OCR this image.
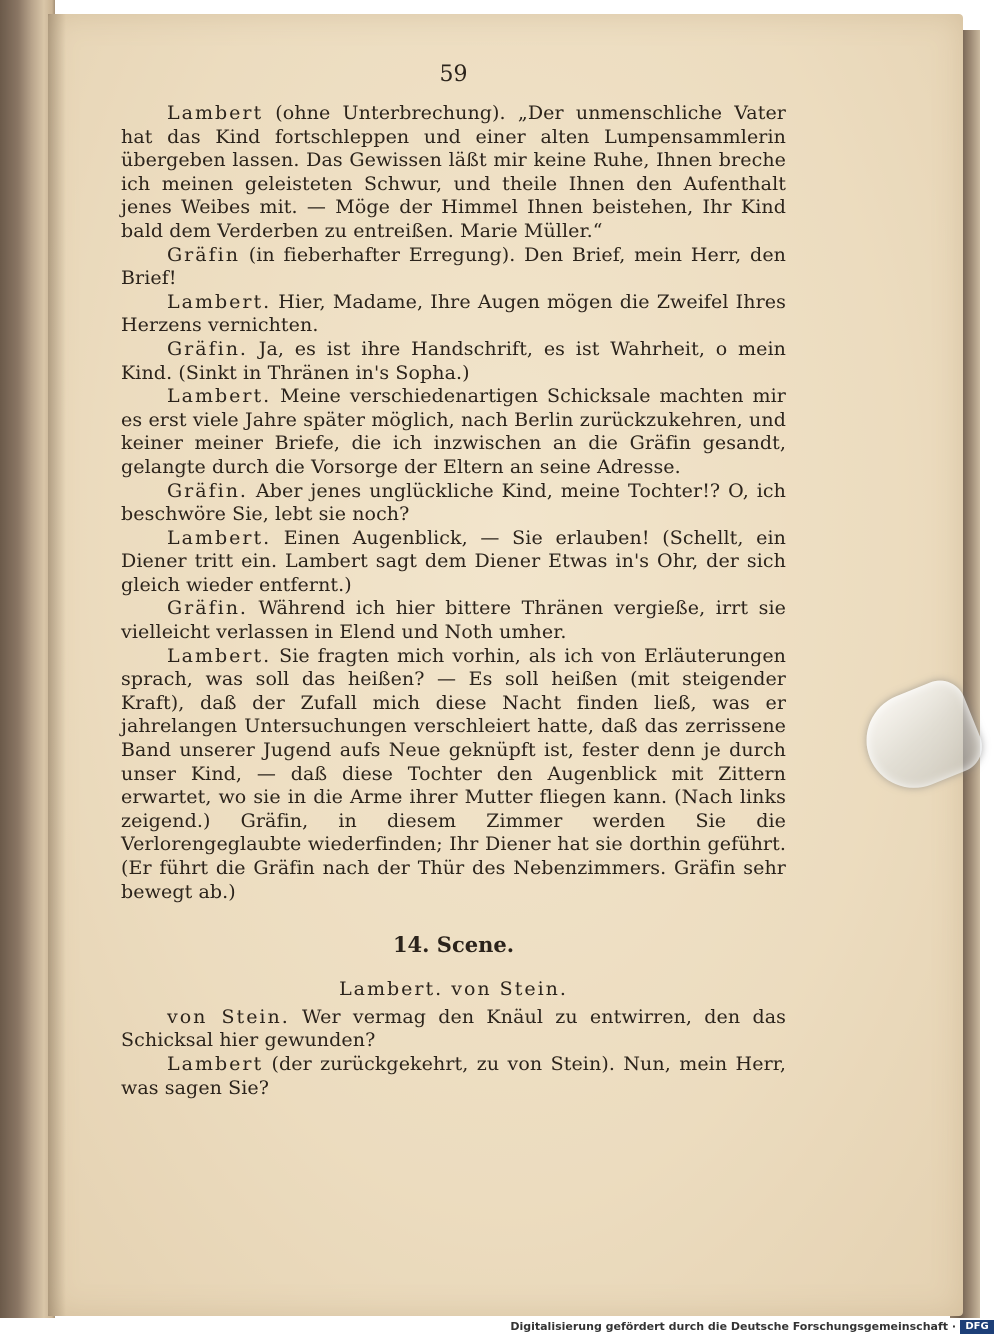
59

Lambert (ohne Unterbrechung). „Der unmenschliche Vater hat das Kind fortschleppen und einer alten Lumpensammlerin übergeben lassen. Das Gewissen läßt mir keine Ruhe, Ihnen breche ich meinen geleisteten Schwur, und theile Ihnen den Aufenthalt jenes Weibes mit. — Möge der Himmel Ihnen beistehen, Ihr Kind bald dem Verderben zu entreißen. Marie Müller.“

Gräfin (in fieberhafter Erregung). Den Brief, mein Herr, den Brief!

Lambert. Hier, Madame, Ihre Augen mögen die Zweifel Ihres Herzens vernichten.

Gräfin. Ja, es ist ihre Handschrift, es ist Wahrheit, o mein Kind. (Sinkt in Thränen in's Sopha.)

Lambert. Meine verschiedenartigen Schicksale machten mir es erst viele Jahre später möglich, nach Berlin zurückzukehren, und keiner meiner Briefe, die ich inzwischen an die Gräfin gesandt, gelangte durch die Vorsorge der Eltern an seine Adresse.

Gräfin. Aber jenes unglückliche Kind, meine Tochter!? O, ich beschwöre Sie, lebt sie noch?

Lambert. Einen Augenblick, — Sie erlauben! (Schellt, ein Diener tritt ein. Lambert sagt dem Diener Etwas in's Ohr, der sich gleich wieder entfernt.)

Gräfin. Während ich hier bittere Thränen vergieße, irrt sie vielleicht verlassen in Elend und Noth umher.

Lambert. Sie fragten mich vorhin, als ich von Erläuterungen sprach, was soll das heißen? — Es soll heißen (mit steigender Kraft), daß der Zufall mich diese Nacht finden ließ, was er jahrelangen Untersuchungen verschleiert hatte, daß das zerrissene Band unserer Jugend aufs Neue geknüpft ist, fester denn je durch unser Kind, — daß diese Tochter den Augenblick mit Zittern erwartet, wo sie in die Arme ihrer Mutter fliegen kann. (Nach links zeigend.) Gräfin, in diesem Zimmer werden Sie die Verlorengeglaubte wiederfinden; Ihr Diener hat sie dorthin geführt. (Er führt die Gräfin nach der Thür des Nebenzimmers. Gräfin sehr bewegt ab.)

14. Scene.
Lambert. von Stein.

von Stein. Wer vermag den Knäul zu entwirren, den das Schicksal hier gewunden?

Lambert (der zurückgekehrt, zu von Stein). Nun, mein Herr, was sagen Sie?

Digitalisierung gefördert durch die Deutsche Forschungsgemeinschaft · DFG
